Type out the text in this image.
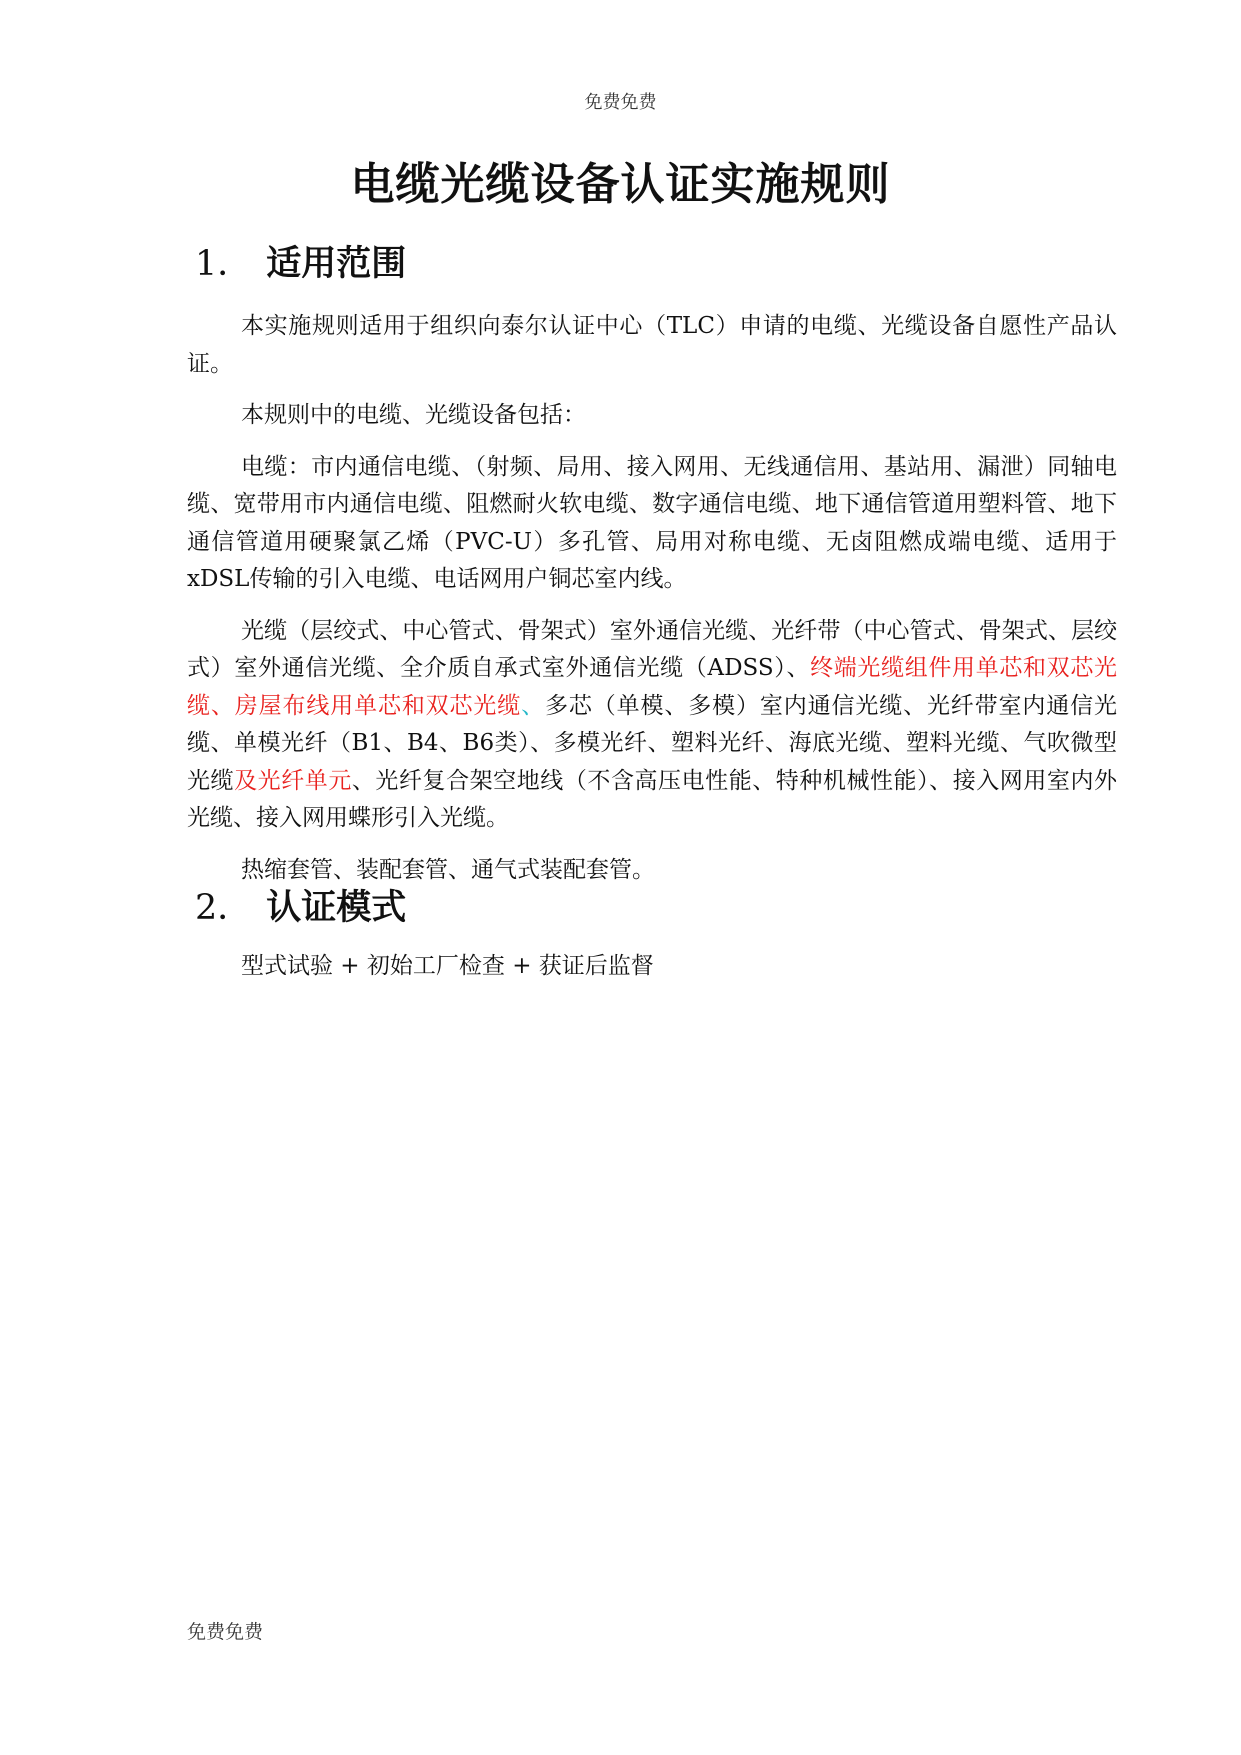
免费免费
电缆光缆设备认证实施规则
1． 适用范围

本实施规则适用于组织向泰尔认证中心（TLC）申请的电缆、光缆设备自愿性产品认证。

本规则中的电缆、光缆设备包括：

电缆：市内通信电缆、（射频、局用、接入网用、无线通信用、基站用、漏泄）同轴电缆、宽带用市内通信电缆、阻燃耐火软电缆、数字通信电缆、地下通信管道用塑料管、地下通信管道用硬聚氯乙烯（PVC-U）多孔管、局用对称电缆、无卤阻燃成端电缆、适用于xDSL传输的引入电缆、电话网用户铜芯室内线。

光缆（层绞式、中心管式、骨架式）室外通信光缆、光纤带（中心管式、骨架式、层绞式）室外通信光缆、全介质自承式室外通信光缆（ADSS）、终端光缆组件用单芯和双芯光缆、房屋布线用单芯和双芯光缆、多芯（单模、多模）室内通信光缆、光纤带室内通信光缆、单模光纤（B1、B4、B6类）、多模光纤、塑料光纤、海底光缆、塑料光缆、气吹微型光缆及光纤单元、光纤复合架空地线（不含高压电性能、特种机械性能）、接入网用室内外光缆、接入网用蝶形引入光缆。

热缩套管、装配套管、通气式装配套管。

2． 认证模式

型式试验 + 初始工厂检查 + 获证后监督

免费免费
